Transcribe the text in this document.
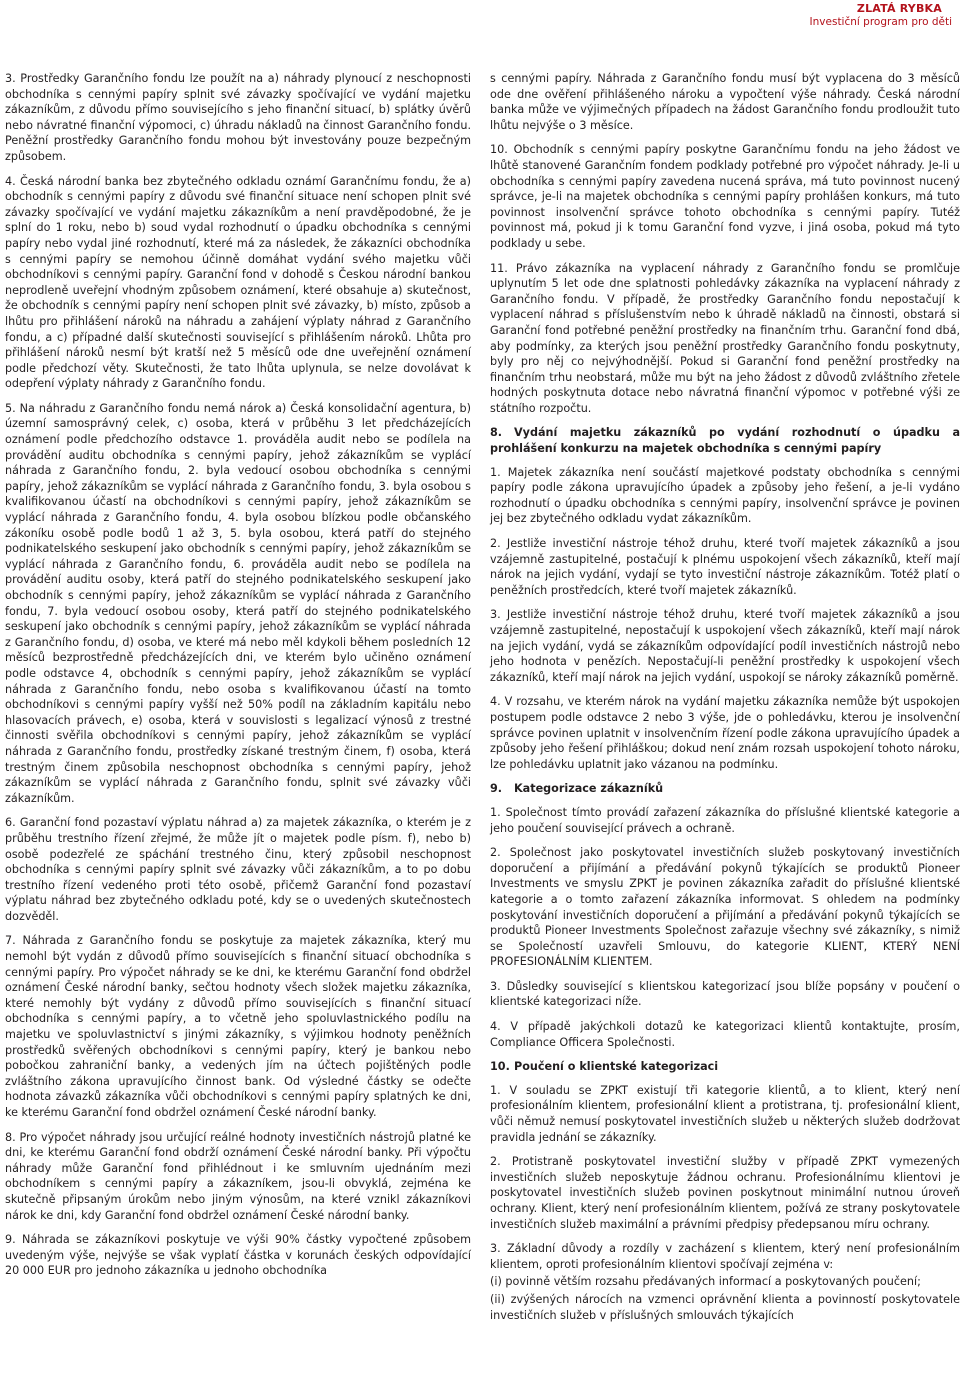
ZLATÁ RYBKA
Investiční program pro děti

3. Prostředky Garančního fondu lze použít na a) náhrady plynoucí z neschopnosti obchodníka s cennými papíry splnit své závazky spočívající ve vydání majetku zákazníkům, z důvodu přímo souvisejícího s jeho finanční situací, b) splátky úvěrů nebo návratné finanční výpomoci, c) úhradu nákladů na činnost Garančního fondu. Peněžní prostředky Garančního fondu mohou být investovány pouze bezpečným způsobem.

4. Česká národní banka bez zbytečného odkladu oznámí Garančnímu fondu, že a) obchodník s cennými papíry z důvodu své finanční situace není schopen plnit své závazky spočívající ve vydání majetku zákazníkům a není pravděpodobné, že je splní do 1 roku, nebo b) soud vydal rozhodnutí o úpadku obchodníka s cennými papíry nebo vydal jiné rozhodnutí, které má za následek, že zákazníci obchodníka s cennými papíry se nemohou účinně domáhat vydání svého majetku vůči obchodníkovi s cennými papíry. Garanční fond v dohodě s Českou národní bankou neprodleně uveřejní vhodným způsobem oznámení, které obsahuje a) skutečnost, že obchodník s cennými papíry není schopen plnit své závazky, b) místo, způsob a lhůtu pro přihlášení nároků na náhradu a zahájení výplaty náhrad z Garančního fondu, a c) případné další skutečnosti související s přihlášením nároků. Lhůta pro přihlášení nároků nesmí být kratší než 5 měsíců ode dne uveřejnění oznámení podle předchozí věty. Skutečnosti, že tato lhůta uplynula, se nelze dovolávat k odepření výplaty náhrady z Garančního fondu.

5. Na náhradu z Garančního fondu nemá nárok a) Česká konsolidační agentura, b) územní samosprávný celek, c) osoba, která v průběhu 3 let předcházejících oznámení podle předchozího odstavce 1. prováděla audit nebo se podílela na provádění auditu obchodníka s cennými papíry, jehož zákazníkům se vyplácí náhrada z Garančního fondu, 2. byla vedoucí osobou obchodníka s cennými papíry, jehož zákazníkům se vyplácí náhrada z Garančního fondu, 3. byla osobou s kvalifikovanou účastí na obchodníkovi s cennými papíry, jehož zákazníkům se vyplácí náhrada z Garančního fondu, 4. byla osobou blízkou podle občanského zákoníku osobě podle bodů 1 až 3, 5. byla osobou, která patří do stejného podnikatelského seskupení jako obchodník s cennými papíry, jehož zákazníkům se vyplácí náhrada z Garančního fondu, 6. prováděla audit nebo se podílela na provádění auditu osoby, která patří do stejného podnikatelského seskupení jako obchodník s cennými papíry, jehož zákazníkům se vyplácí náhrada z Garančního fondu, 7. byla vedoucí osobou osoby, která patří do stejného podnikatelského seskupení jako obchodník s cennými papíry, jehož zákazníkům se vyplácí náhrada z Garančního fondu, d) osoba, ve které má nebo měl kdykoli během posledních 12 měsíců bezprostředně předcházejících dni, ve kterém bylo učiněno oznámení podle odstavce 4, obchodník s cennými papíry, jehož zákazníkům se vyplácí náhrada z Garančního fondu, nebo osoba s kvalifikovanou účastí na tomto obchodníkovi s cennými papíry vyšší než 50% podíl na základním kapitálu nebo hlasovacích právech, e) osoba, která v souvislosti s legalizací výnosů z trestné činnosti svěřila obchodníkovi s cennými papíry, jehož zákazníkům se vyplácí náhrada z Garančního fondu, prostředky získané trestným činem, f) osoba, která trestným činem způsobila neschopnost obchodníka s cennými papíry, jehož zákazníkům se vyplácí náhrada z Garančního fondu, splnit své závazky vůči zákazníkům.

6. Garanční fond pozastaví výplatu náhrad a) za majetek zákazníka, o kterém je z průběhu trestního řízení zřejmé, že může jít o majetek podle písm. f), nebo b) osobě podezřelé ze spáchání trestného činu, který způsobil neschopnost obchodníka s cennými papíry splnit své závazky vůči zákazníkům, a to po dobu trestního řízení vedeného proti této osobě, přičemž Garanční fond pozastaví výplatu náhrad bez zbytečného odkladu poté, kdy se o uvedených skutečnostech dozvěděl.

7. Náhrada z Garančního fondu se poskytuje za majetek zákazníka, který mu nemohl být vydán z důvodů přímo souvisejících s finanční situací obchodníka s cennými papíry. Pro výpočet náhrady se ke dni, ke kterému Garanční fond obdržel oznámení České národní banky, sečtou hodnoty všech složek majetku zákazníka, které nemohly být vydány z důvodů přímo souvisejících s finanční situací obchodníka s cennými papíry, a to včetně jeho spoluvlastnického podílu na majetku ve spoluvlastnictví s jinými zákazníky, s výjimkou hodnoty peněžních prostředků svěřených obchodníkovi s cennými papíry, který je bankou nebo pobočkou zahraniční banky, a vedených jím na účtech pojištěných podle zvláštního zákona upravujícího činnost bank. Od výsledné částky se odečte hodnota závazků zákazníka vůči obchodníkovi s cennými papíry splatných ke dni, ke kterému Garanční fond obdržel oznámení České národní banky.

8. Pro výpočet náhrady jsou určující reálné hodnoty investičních nástrojů platné ke dni, ke kterému Garanční fond obdrží oznámení České národní banky. Při výpočtu náhrady může Garanční fond přihlédnout i ke smluvním ujednáním mezi obchodníkem s cennými papíry a zákazníkem, jsou-li obvyklá, zejména ke skutečně připsaným úrokům nebo jiným výnosům, na které vznikl zákazníkovi nárok ke dni, kdy Garanční fond obdržel oznámení České národní banky.

9. Náhrada se zákazníkovi poskytuje ve výši 90% částky vypočtené způsobem uvedeným výše, nejvýše se však vyplatí částka v korunách českých odpovídající 20 000 EUR pro jednoho zákazníka u jednoho obchodníka

s cennými papíry. Náhrada z Garančního fondu musí být vyplacena do 3 měsíců ode dne ověření přihlášeného nároku a vypočtení výše náhrady. Česká národní banka může ve výjimečných případech na žádost Garančního fondu prodloužit tuto lhůtu nejvýše o 3 měsíce.

10. Obchodník s cennými papíry poskytne Garančnímu fondu na jeho žádost ve lhůtě stanovené Garančním fondem podklady potřebné pro výpočet náhrady. Je-li u obchodníka s cennými papíry zavedena nucená správa, má tuto povinnost nucený správce, je-li na majetek obchodníka s cennými papíry prohlášen konkurs, má tuto povinnost insolvenční správce tohoto obchodníka s cennými papíry. Tutéž povinnost má, pokud ji k tomu Garanční fond vyzve, i jiná osoba, pokud má tyto podklady u sebe.

11. Právo zákazníka na vyplacení náhrady z Garančního fondu se promlčuje uplynutím 5 let ode dne splatnosti pohledávky zákazníka na vyplacení náhrady z Garančního fondu. V případě, že prostředky Garančního fondu nepostačují k vyplacení náhrad s příslušenstvím nebo k úhradě nákladů na činnosti, obstará si Garanční fond potřebné peněžní prostředky na finančním trhu. Garanční fond dbá, aby podmínky, za kterých jsou peněžní prostředky Garančního fondu poskytnuty, byly pro něj co nejvýhodnější. Pokud si Garanční fond peněžní prostředky na finančním trhu neobstará, může mu být na jeho žádost z důvodů zvláštního zřetele hodných poskytnuta dotace nebo návratná finanční výpomoc v potřebné výši ze státního rozpočtu.

8. Vydání majetku zákazníků po vydání rozhodnutí o úpadku a prohlášení konkurzu na majetek obchodníka s cennými papíry

1. Majetek zákazníka není součástí majetkové podstaty obchodníka s cennými papíry podle zákona upravujícího úpadek a způsoby jeho řešení, a je-li vydáno rozhodnutí o úpadku obchodníka s cennými papíry, insolvenční správce je povinen jej bez zbytečného odkladu vydat zákazníkům.

2. Jestliže investiční nástroje téhož druhu, které tvoří majetek zákazníků a jsou vzájemně zastupitelné, postačují k plnému uspokojení všech zákazníků, kteří mají nárok na jejich vydání, vydají se tyto investiční nástroje zákazníkům. Totéž platí o peněžních prostředcích, které tvoří majetek zákazníků.

3. Jestliže investiční nástroje téhož druhu, které tvoří majetek zákazníků a jsou vzájemně zastupitelné, nepostačují k uspokojení všech zákazníků, kteří mají nárok na jejich vydání, vydá se zákazníkům odpovídající podíl investičních nástrojů nebo jeho hodnota v penězích. Nepostačují-li peněžní prostředky k uspokojení všech zákazníků, kteří mají nárok na jejich vydání, uspokojí se nároky zákazníků poměrně.

4. V rozsahu, ve kterém nárok na vydání majetku zákazníka nemůže být uspokojen postupem podle odstavce 2 nebo 3 výše, jde o pohledávku, kterou je insolvenční správce povinen uplatnit v insolvenčním řízení podle zákona upravujícího úpadek a způsoby jeho řešení přihláškou; dokud není znám rozsah uspokojení tohoto nároku, lze pohledávku uplatnit jako vázanou na podmínku.

9. Kategorizace zákazníků

1. Společnost tímto provádí zařazení zákazníka do příslušné klientské kategorie a jeho poučení související právech a ochraně.

2. Společnost jako poskytovatel investičních služeb poskytovaný investičních doporučení a přijímání a předávání pokynů týkajících se produktů Pioneer Investments ve smyslu ZPKT je povinen zákazníka zařadit do příslušné klientské kategorie a o tomto zařazení zákazníka informovat. S ohledem na podmínky poskytování investičních doporučení a přijímání a předávání pokynů týkajících se produktů Pioneer Investments Společnost zařazuje všechny své zákazníky, s nimiž se Společností uzavřeli Smlouvu, do kategorie KLIENT, KTERÝ NENÍ PROFESIONÁLNÍM KLIENTEM.

3. Důsledky související s klientskou kategorizací jsou blíže popsány v poučení o klientské kategorizaci níže.

4. V případě jakýchkoli dotazů ke kategorizaci klientů kontaktujte, prosím, Compliance Officera Společnosti.

10. Poučení o klientské kategorizaci

1. V souladu se ZPKT existují tři kategorie klientů, a to klient, který není profesionálním klientem, profesionální klient a protistrana, tj. profesionální klient, vůči němuž nemusí poskytovatel investičních služeb u některých služeb dodržovat pravidla jednání se zákazníky.

2. Protistraně poskytovatel investiční služby v případě ZPKT vymezených investičních služeb neposkytuje žádnou ochranu. Profesionálnímu klientovi je poskytovatel investičních služeb povinen poskytnout minimální nutnou úroveň ochrany. Klient, který není profesionálním klientem, požívá ze strany poskytovatele investičních služeb maximální a právními předpisy předepsanou míru ochrany.

3. Základní důvody a rozdíly v zacházení s klientem, který není profesionálním klientem, oproti profesionálním klientovi spočívají zejména v:

(i) povinně větším rozsahu předávaných informací a poskytovaných poučení;

(ii) zvýšených nárocích na vzmenci oprávnění klienta a povinností poskytovatele investičních služeb v příslušných smlouvách týkajících
